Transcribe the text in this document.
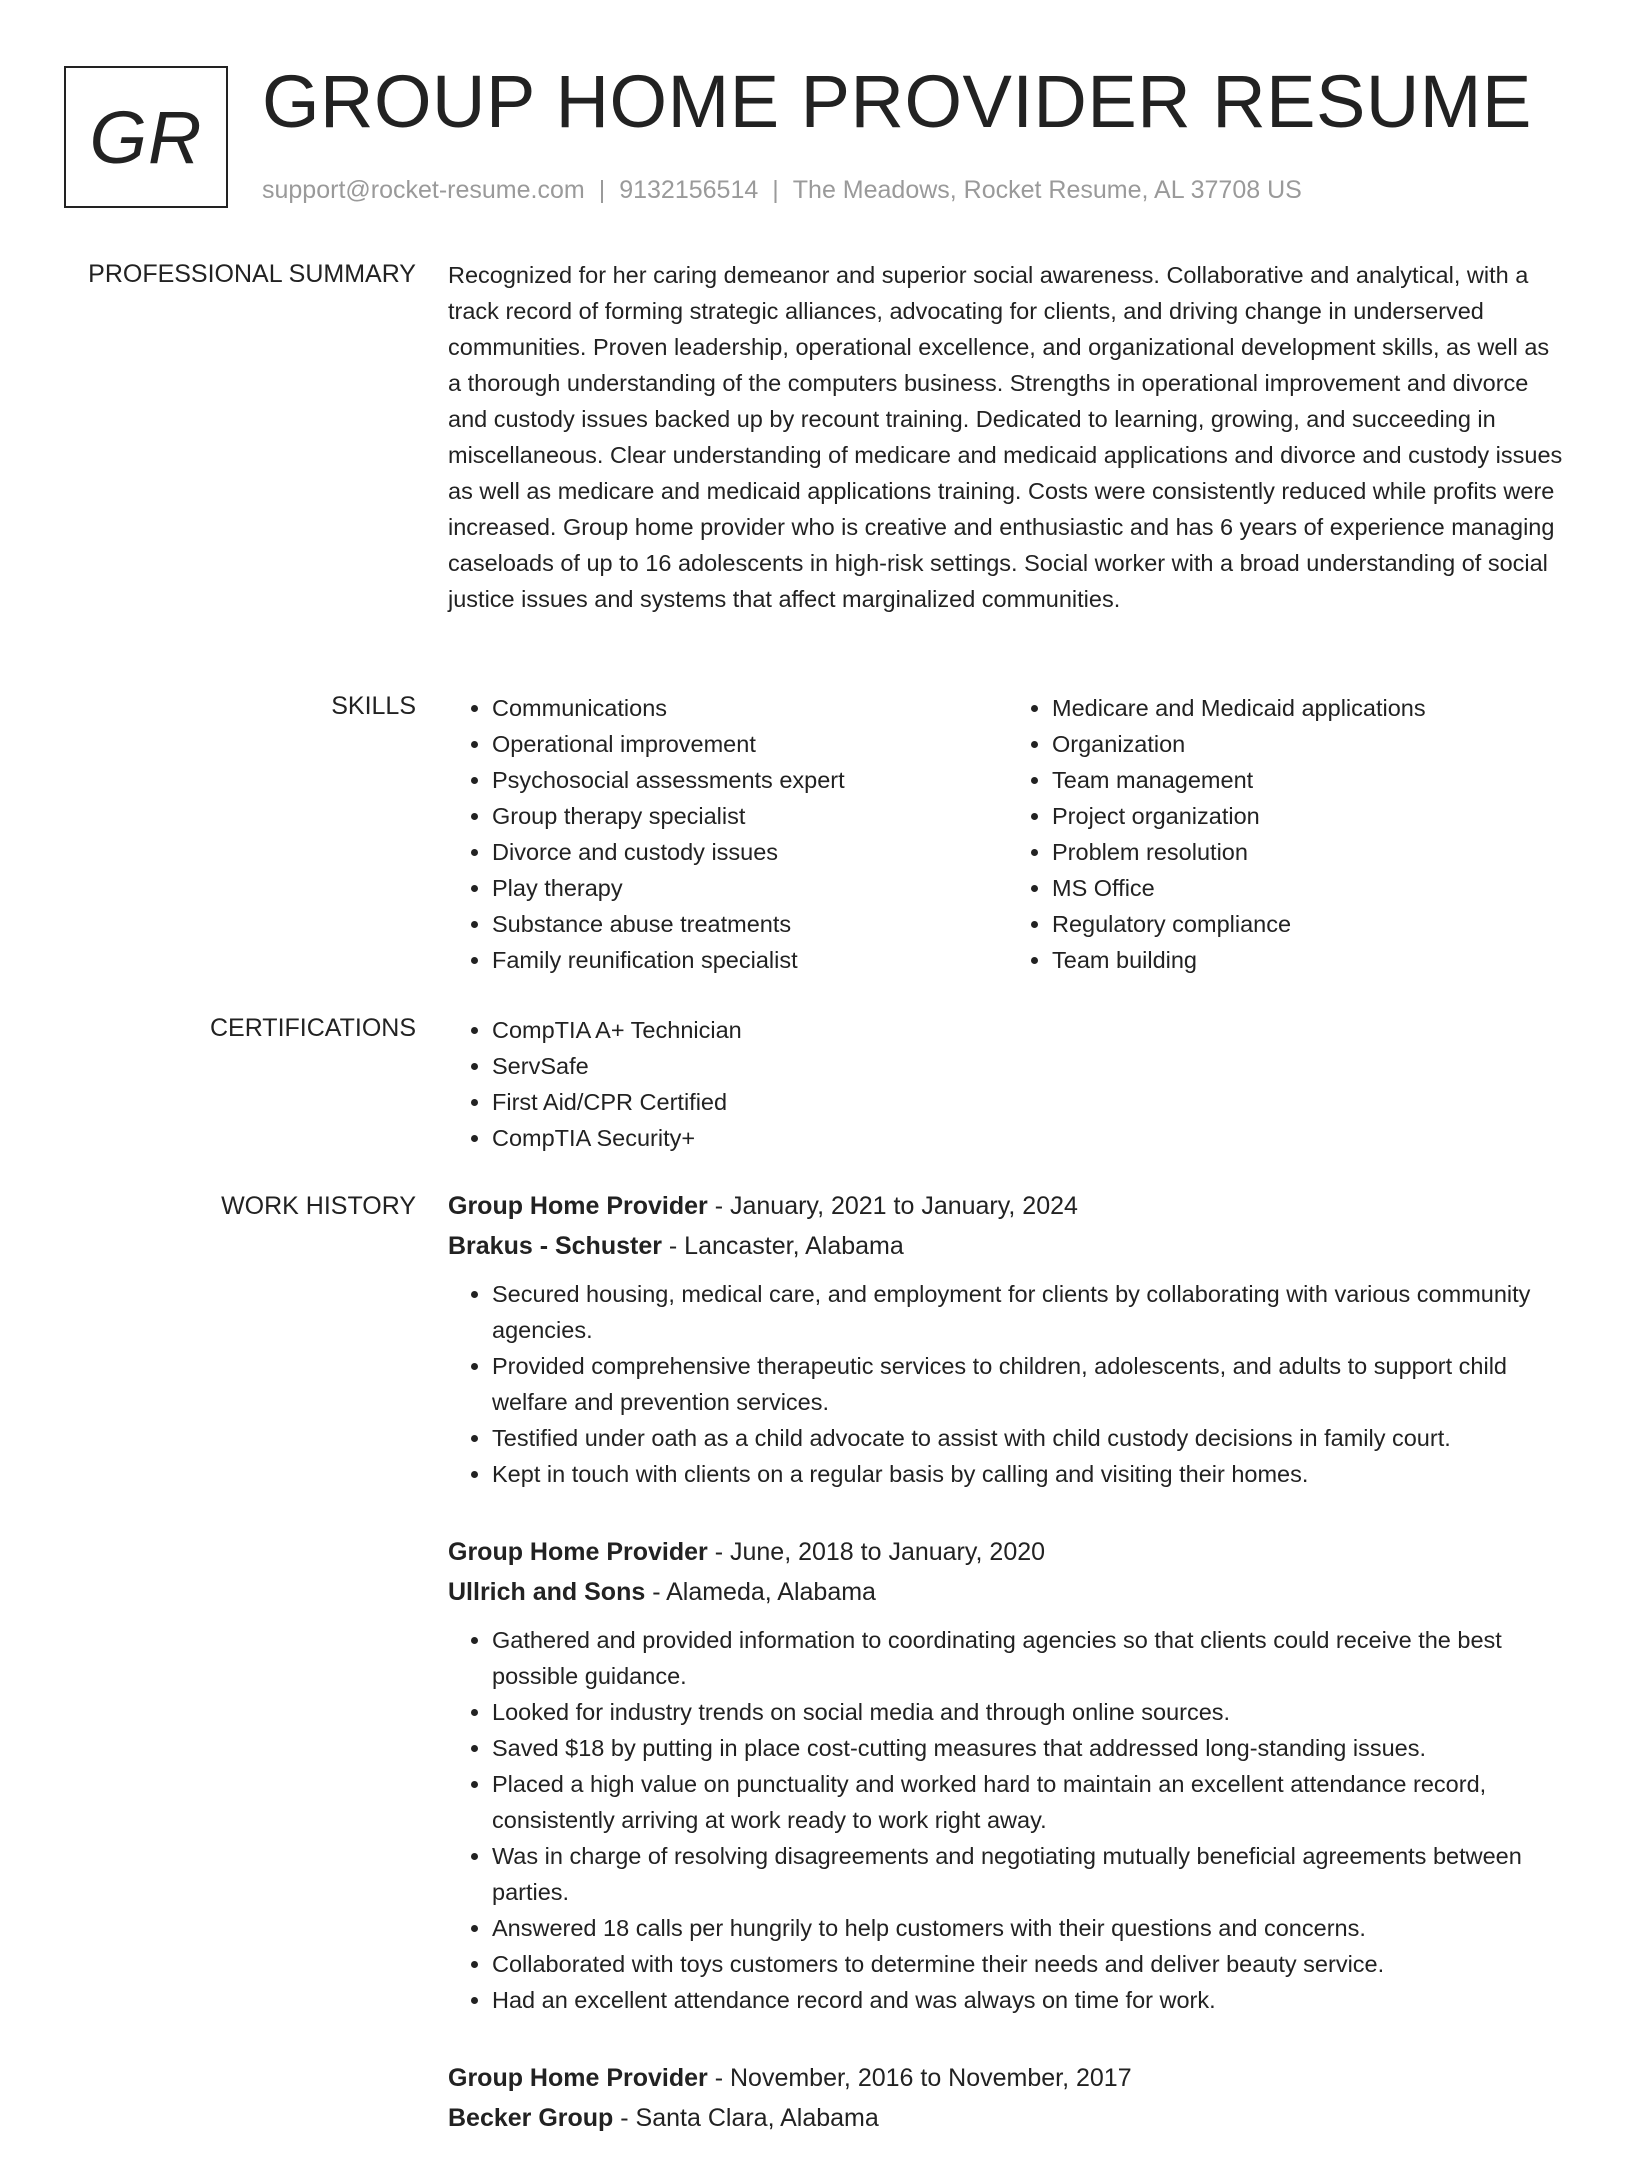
GR GROUP HOME PROVIDER RESUME
support@rocket-resume.com | 9132156514 | The Meadows, Rocket Resume, AL 37708 US
PROFESSIONAL SUMMARY Recognized for her caring demeanor and superior social awareness. Collaborative and analytical, with a track record of forming strategic alliances, advocating for clients, and driving change in underserved communities. Proven leadership, operational excellence, and organizational development skills, as well as a thorough understanding of the computers business. Strengths in operational improvement and divorce and custody issues backed up by recount training. Dedicated to learning, growing, and succeeding in miscellaneous. Clear understanding of medicare and medicaid applications and divorce and custody issues as well as medicare and medicaid applications training. Costs were consistently reduced while profits were increased. Group home provider who is creative and enthusiastic and has 6 years of experience managing caseloads of up to 16 adolescents in high-risk settings. Social worker with a broad understanding of social justice issues and systems that affect marginalized communities.

SKILLS	• Communications
• Operational improvement
• Psychosocial assessments expert
• Group therapy specialist
• Divorce and custody issues
• Play therapy
• Substance abuse treatments
• Family reunification specialist
• Medicare and Medicaid applications
• Organization
• Team management
• Project organization
• Problem resolution
• MS Office
• Regulatory compliance
• Team building
CERTIFICATIONS	• CompTIA A+ Technician
• ServSafe
• First Aid/CPR Certified
• CompTIA Security+
WORK HISTORY Group Home Provider - January, 2021 to January, 2024
Brakus - Schuster - Lancaster, Alabama
• Secured housing, medical care, and employment for clients by collaborating with various community agencies.
• Provided comprehensive therapeutic services to children, adolescents, and adults to support child welfare and prevention services.
• Testified under oath as a child advocate to assist with child custody decisions in family court.
• Kept in touch with clients on a regular basis by calling and visiting their homes.
Group Home Provider - June, 2018 to January, 2020
Ullrich and Sons - Alameda, Alabama
• Gathered and provided information to coordinating agencies so that clients could receive the best possible guidance.
• Looked for industry trends on social media and through online sources.
• Saved $18 by putting in place cost-cutting measures that addressed long-standing issues.
• Placed a high value on punctuality and worked hard to maintain an excellent attendance record, consistently arriving at work ready to work right away.
• Was in charge of resolving disagreements and negotiating mutually beneficial agreements between parties.
• Answered 18 calls per hungrily to help customers with their questions and concerns.
• Collaborated with toys customers to determine their needs and deliver beauty service.
• Had an excellent attendance record and was always on time for work.
Group Home Provider - November, 2016 to November, 2017
Becker Group - Santa Clara, Alabama
